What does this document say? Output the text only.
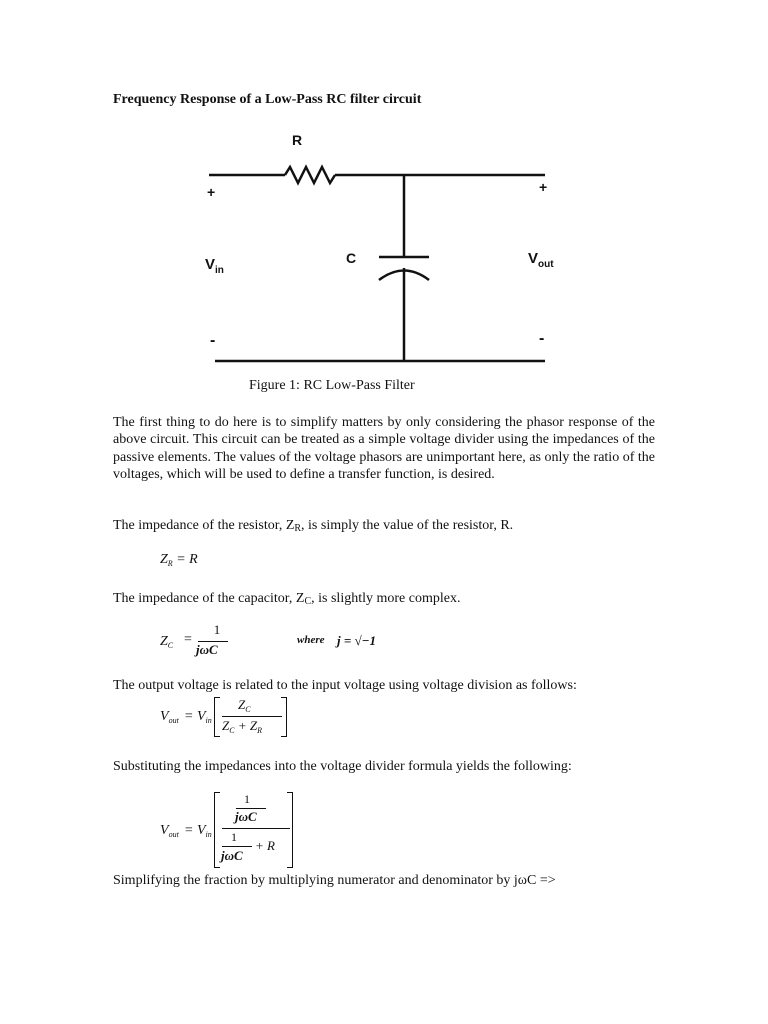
Frequency Response of a Low-Pass RC filter circuit
R
C
+	+
-	-
$V_{in}$
$V_{out}$
Figure 1: RC Low-Pass Filter
The first thing to do here is to simplify matters by only considering the phasor response of the above circuit. This circuit can be treated as a simple voltage divider using the impedances of the passive elements. The values of the voltage phasors are unimportant here, as only the ratio of the voltages, which will be used to define a transfer function, is desired.
The impedance of the resistor, ZR, is simply the value of the resistor, R.
$Z_R = R$
The impedance of the capacitor, ZC, is slightly more complex.
$Z_C$ =
1
jωC
where j = √−1
The output voltage is related to the input voltage using voltage division as follows:
$V_{out} = V_{in}$
$Z_C$
$Z_C + Z_R$
Substituting the impedances into the voltage divider formula yields the following:
$V_{out} = V_{in}$
1
jωC
1
jωC
+ R
Simplifying the fraction by multiplying numerator and denominator by jωC =>
